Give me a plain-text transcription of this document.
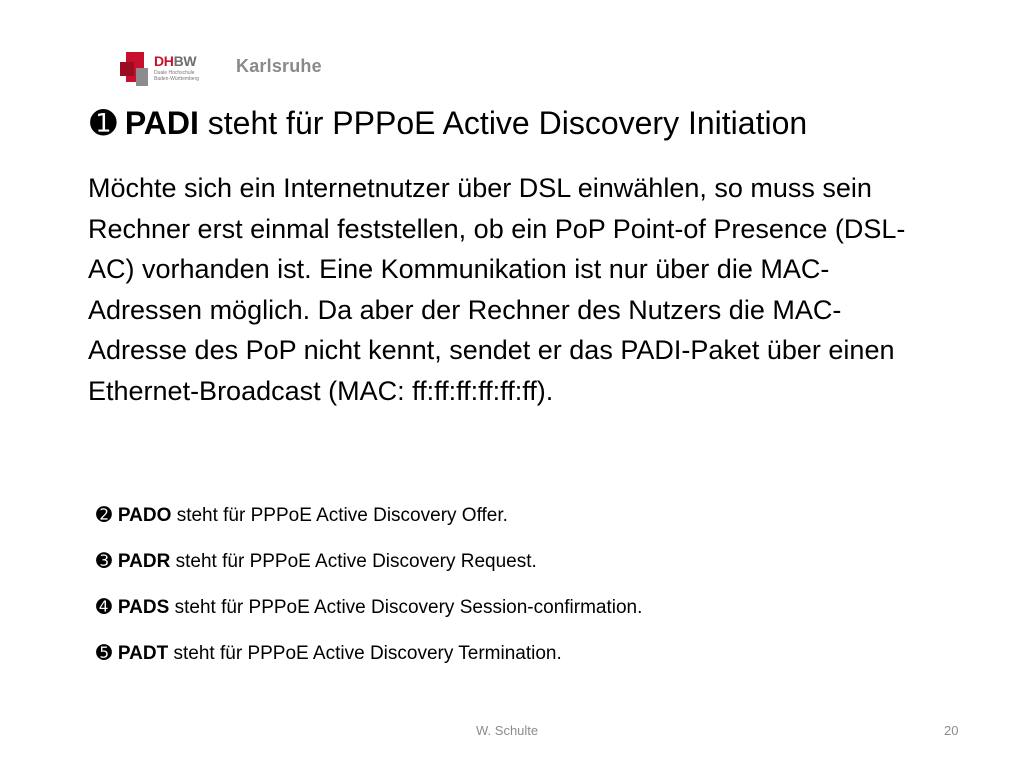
DHBW
Duale Hochschule
Baden-Württemberg
Karlsruhe
➊ PADI steht für PPPoE Active Discovery Initiation
Möchte sich ein Internetnutzer über DSL einwählen, so muss sein Rechner erst einmal feststellen, ob ein PoP Point-of Presence (DSL-AC) vorhanden ist. Eine Kommunikation ist nur über die MAC-Adressen möglich. Da aber der Rechner des Nutzers die MAC-Adresse des PoP nicht kennt, sendet er das PADI-Paket über einen Ethernet-Broadcast (MAC: ff:ff:ff:ff:ff:ff).
➋ PADO steht für PPPoE Active Discovery Offer.
➌ PADR steht für PPPoE Active Discovery Request.
➍ PADS steht für PPPoE Active Discovery Session-confirmation.
➎ PADT steht für PPPoE Active Discovery Termination.
W. Schulte	20
